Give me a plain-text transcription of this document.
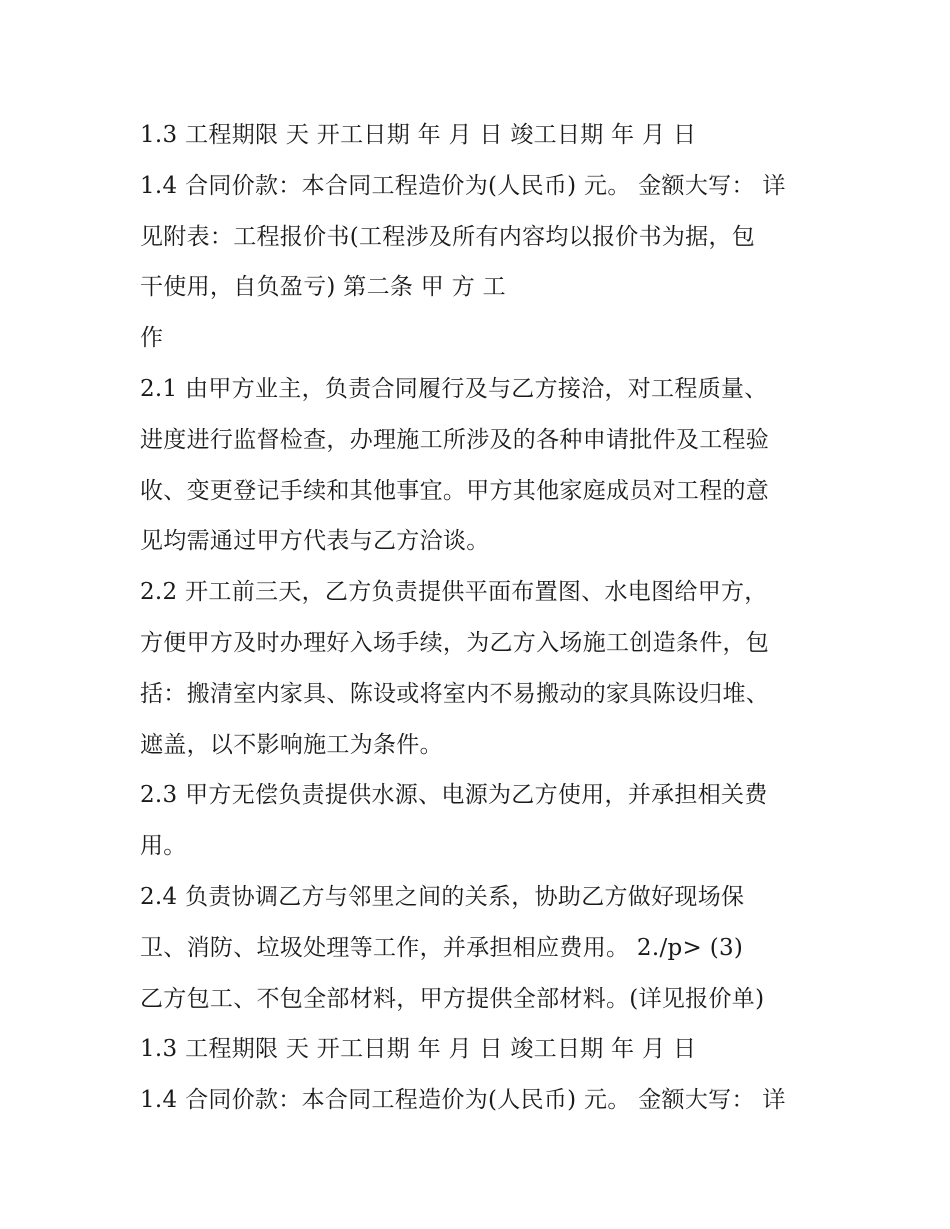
1.3 工程期限 天 开工日期 年 月 日 竣工日期 年 月 日
1.4 合同价款：本合同工程造价为(人民币) 元。 金额大写： 详
见附表：工程报价书(工程涉及所有内容均以报价书为据，包
干使用，自负盈亏) 第二条 甲 方 工
作
2.1 由甲方业主，负责合同履行及与乙方接洽，对工程质量、
进度进行监督检查，办理施工所涉及的各种申请批件及工程验
收、变更登记手续和其他事宜。甲方其他家庭成员对工程的意
见均需通过甲方代表与乙方洽谈。
2.2 开工前三天，乙方负责提供平面布置图、水电图给甲方，
方便甲方及时办理好入场手续，为乙方入场施工创造条件，包
括：搬清室内家具、陈设或将室内不易搬动的家具陈设归堆、
遮盖，以不影响施工为条件。
2.3 甲方无偿负责提供水源、电源为乙方使用，并承担相关费
用。
2.4 负责协调乙方与邻里之间的关系，协助乙方做好现场保
卫、消防、垃圾处理等工作，并承担相应费用。 2./p> (3)
乙方包工、不包全部材料，甲方提供全部材料。(详见报价单)
1.3 工程期限 天 开工日期 年 月 日 竣工日期 年 月 日
1.4 合同价款：本合同工程造价为(人民币) 元。 金额大写： 详
